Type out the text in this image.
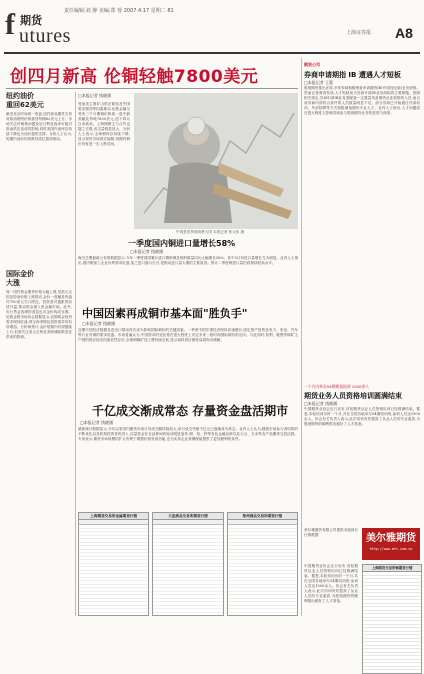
责任编辑:刘 静 美编:郑 蓉 2007.4.17 星期二 81
f 期货
utures	上海证券报 A8
创四月新高 伦铜轻触7800美元
纽约油价
重回62美元
截至北京时间周一收盘,纽约商品期货交易所原油期货价格重回每桶62美元上方。市场关注伊朗核问题及尼日利亚选举可能对原油供应造成的影响,同时美国汽油库存持续下降也为油价提供支撑。分析人士认为,短期内油价仍将维持高位震荡格局。
国际金价
大涨
周一纽约黄金期货价格大幅上涨,受美元走软及原油价格上涨推动,金价一度触及每盎司700美元关口附近。投资者对通胀的担忧升温,推动资金流入贵金属市场。此外,央行售金放缓的消息也对金价构成支撑。伦敦金银市场协会数据显示,近期黄金现货需求保持旺盛,珠宝商采购及投资需求均有所增加。分析师预计,金价短期内有望继续上行,但需关注美元走势及美联储政策变化带来的影响。
□本报记者 钱晓涵
受南美主要矿山供应紧张及中国需求强劲等因素推动,伦敦金属交易所三个月期铜价格周一盘中最高触及每吨7800美元,创下四月以来新高。上海期铜主力合约也随之走强,成交量明显放大。分析人士表示,全球铜库存持续下降,显示现货市场供应偏紧,短期内铜价仍有进一步上涨空间。
中国是世界铜消费大国 本报记者 张大伟 摄
一季度国内铜进口量增长58%
□本报记者 钱晓涵
海关总署最新公布的数据显示,今年一季度我国累计进口精炼铜及铜材数量同比大幅增长58%。其中3月份进口量增长尤为明显。业内人士指出,国内铜加工企业补库需求旺盛,加之进口窗口打开,是推动进口量大增的主要原因。预计二季度铜进口量仍将保持较高水平。
中国因素再成铜市基本面"胜负手"
□本报记者 钱晓涵
近期中国经济数据及进出口情况再次成为影响国际铜价的关键因素。一季度中国宏观经济保持高速增长,固定资产投资及电力、家电、汽车等行业对铜的需求旺盛。市场普遍认为,中国需求的变化将在很大程度上决定未来一段时间国际铜价的走向。与此同时,智利、秘鲁等铜矿主产国的供应扰动因素依然存在,全球铜精矿加工费持续走低,显示原料供应紧张局面尚未缓解。
千亿成交渐成常态 存量资金盘活期市
□本报记者 钱晓涵
最新统计数据显示,今年以来国内期货市场日均成交额持续放大,单日成交突破千亿元已逐渐成为常态。业内人士认为,随着市场参与者结构的不断优化以及机构投资者的进入,存量资金在各品种间的轮动明显加快,铜、铝、锌等有色金属品种以及大豆、玉米等农产品期货交投活跃。专家表示,期货市场规模的扩大有利于增强价格发现功能,也为实体企业套期保值提供了更加便利的条件。
上海期货交易所金属期货行情	大连商品交易所期货行情	郑州商品交易所期货行情
期货公司
券商申请期指 IB 遭遇人才短板
□本报记者 王蕾
股指期货推出在即,多家券商积极筹备申请期货IB(介绍经纪商)业务资格。然而记者调查发现,人才短缺成为券商开展IB业务面临的主要难题。按照相关规定,券商申请IB业务需配备一定数量具备期货从业资格的人员,而目前券商内部符合条件的人员数量明显不足。部分券商已开始通过内部培训、外部招聘等方式积极储备期货专业人才。业内人士指出,人才问题将在很大程度上影响券商参与股指期货业务的进度与深度。
一个月内举办54期期货培训 1500余人
期货业务人员资格培训圆满结束
□本报记者 钱晓涵
中国期货业协会近日宣布,首轮期货从业人员资格培训已经圆满结束。据悉,本轮培训历时一个月,共在全国各地举办54期培训班,参训人员达1500余人。协会有关负责人表示,此次培训有效提高了从业人员的专业素质,为股指期货的顺利推出做好了人才准备。
美尔雅期货有限公司提供本版部分行情数据	美尔雅期货
http://www.mfc.com.cn
中国期货业协会近日宣布,首轮期货从业人员资格培训已经圆满结束。据悉,本轮培训历时一个月,共在全国各地举办54期培训班,参训人员达1500余人。协会有关负责人表示,此次培训有效提高了从业人员的专业素质,为股指期货的顺利推出做好了人才准备。
上海期货交易所铜期货行情
